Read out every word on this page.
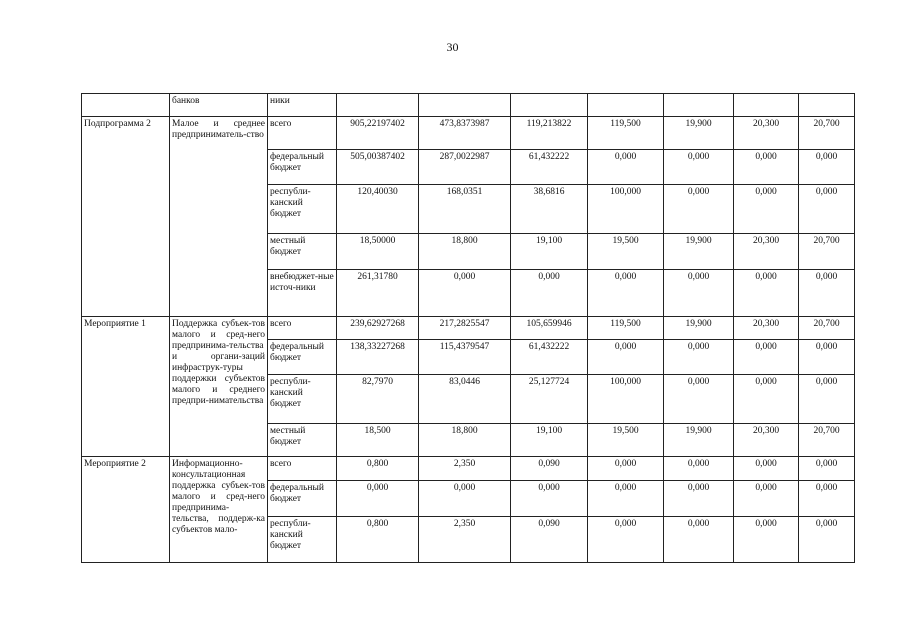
30
	банков	ники							
Подпрограмма 2	Малое и среднее предприниматель-ство	всего	905,22197402	473,8373987	119,213822	119,500	19,900	20,300	20,700
		федеральный бюджет	505,00387402	287,0022987	61,432222	0,000	0,000	0,000	0,000
		республи-канский бюджет	120,40030	168,0351	38,6816	100,000	0,000	0,000	0,000
		местный бюджет	18,50000	18,800	19,100	19,500	19,900	20,300	20,700
		внебюджет-ные источ-ники	261,31780	0,000	0,000	0,000	0,000	0,000	0,000
Мероприятие 1	Поддержка субъек-тов малого и сред-него предпринима-тельства и органи-заций инфраструк-туры поддержки субъектов малого и среднего предпри-нимательства	всего	239,62927268	217,2825547	105,659946	119,500	19,900	20,300	20,700
		федеральный бюджет	138,33227268	115,4379547	61,432222	0,000	0,000	0,000	0,000
		республи-канский бюджет	82,7970	83,0446	25,127724	100,000	0,000	0,000	0,000
		местный бюджет	18,500	18,800	19,100	19,500	19,900	20,300	20,700
Мероприятие 2	Информационно-консультационная поддержка субъек-тов малого и сред-него предпринима-тельства, поддерж-ка субъектов мало-	всего	0,800	2,350	0,090	0,000	0,000	0,000	0,000
		федеральный бюджет	0,000	0,000	0,000	0,000	0,000	0,000	0,000
		республи-канский бюджет	0,800	2,350	0,090	0,000	0,000	0,000	0,000
